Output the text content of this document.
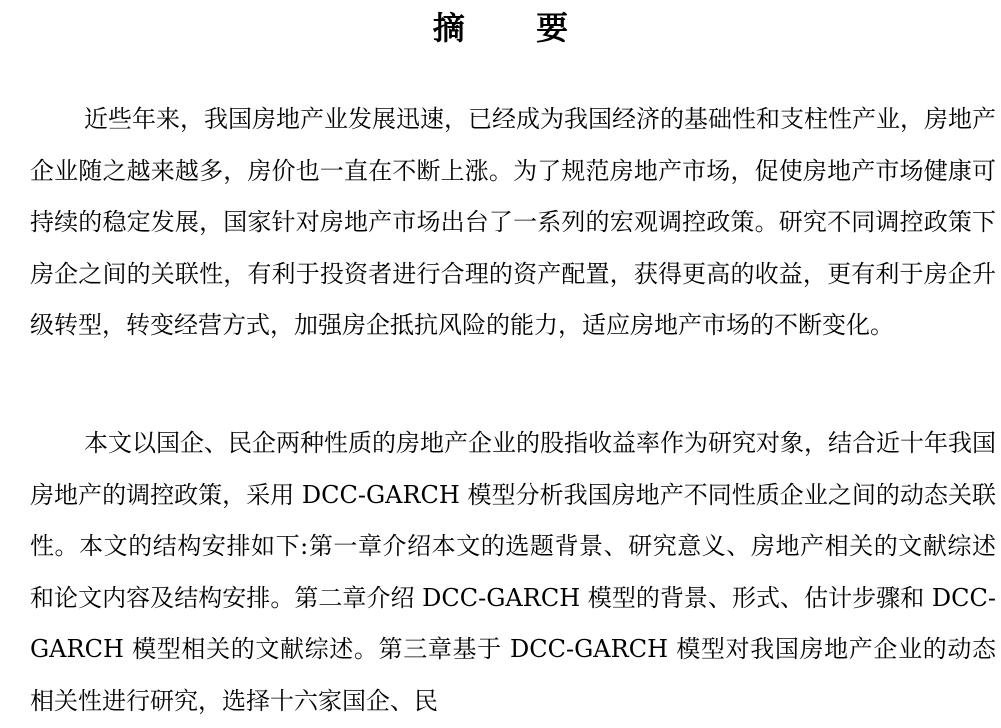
摘 要

近些年来，我国房地产业发展迅速，已经成为我国经济的基础性和支柱性产业，房地产企业随之越来越多，房价也一直在不断上涨。为了规范房地产市场，促使房地产市场健康可持续的稳定发展，国家针对房地产市场出台了一系列的宏观调控政策。研究不同调控政策下房企之间的关联性，有利于投资者进行合理的资产配置，获得更高的收益，更有利于房企升级转型，转变经营方式，加强房企抵抗风险的能力，适应房地产市场的不断变化。

本文以国企、民企两种性质的房地产企业的股指收益率作为研究对象，结合近十年我国房地产的调控政策，采用 DCC-GARCH 模型分析我国房地产不同性质企业之间的动态关联性。本文的结构安排如下:第一章介绍本文的选题背景、研究意义、房地产相关的文献综述和论文内容及结构安排。第二章介绍 DCC-GARCH 模型的背景、形式、估计步骤和 DCC-GARCH 模型相关的文献综述。第三章基于 DCC-GARCH 模型对我国房地产企业的动态相关性进行研究，选择十六家国企、民
